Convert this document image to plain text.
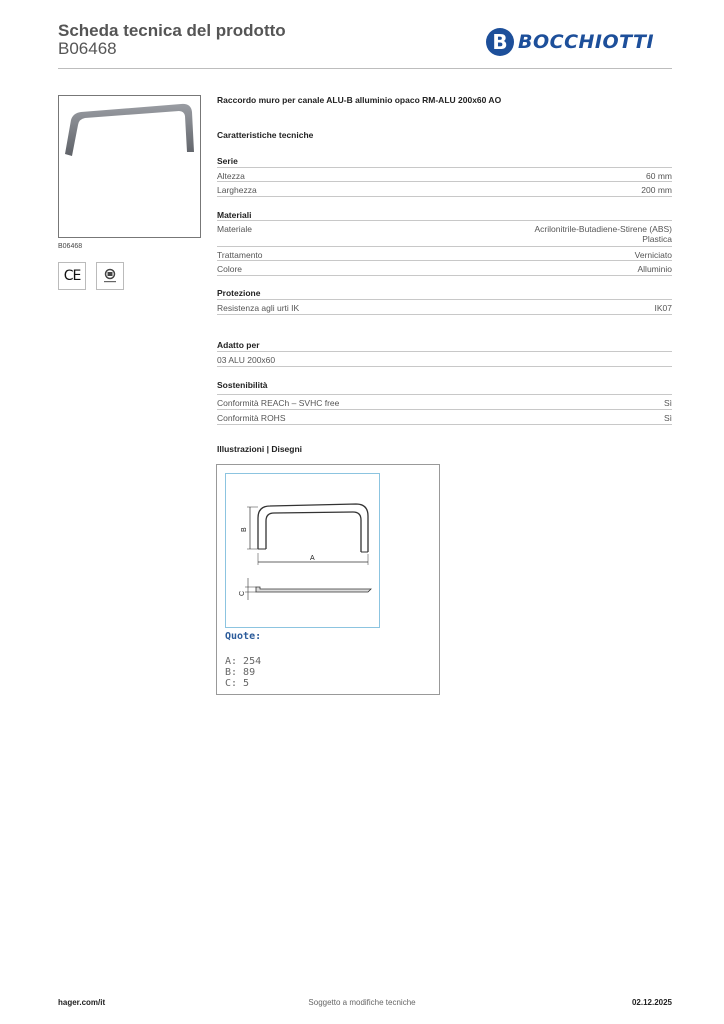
Scheda tecnica del prodotto
B06468	B BOCCHIOTTI
B06468
CE
Raccordo muro per canale ALU-B alluminio opaco RM-ALU 200x60 AO
Caratteristiche tecniche
Serie
Altezza	60 mm
Larghezza	200 mm
Materiali
Materiale	Acrilonitrile-Butadiene-Stirene (ABS)
Plastica
Trattamento	Verniciato
Colore	Alluminio
Protezione
Resistenza agli urti IK	IK07
Adatto per
03 ALU 200x60
Sostenibilità
Conformità REACh – SVHC free	Sì
Conformità ROHS	Sì
Illustrazioni | Disegni
B
A
C
Quote:
A: 254
B: 89
C: 5
hager.com/it	Soggetto a modifiche tecniche	02.12.2025
